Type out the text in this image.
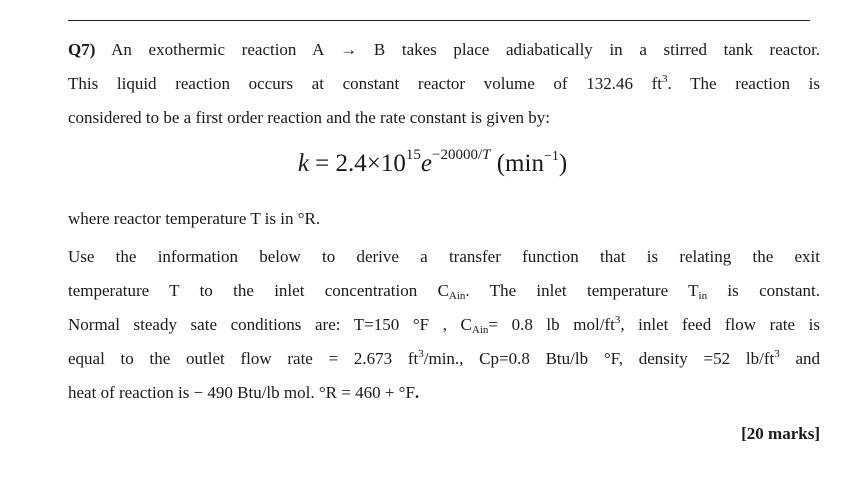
Q7) An exothermic reaction A → B takes place adiabatically in a stirred tank reactor.
This liquid reaction occurs at constant reactor volume of 132.46 $ft^3$. The reaction is
considered to be a first order reaction and the rate constant is given by:

$k = 2.4\times 10^{15}e^{-20000/T}$ $(\min^{-1})$

where reactor temperature T is in °R.

Use the information below to derive a transfer function that is relating the exit
temperature T to the inlet concentration $C_{Ain}$. The inlet temperature $T_{in}$ is constant.
Normal steady sate conditions are: T=150 °F , $C_{Ain}= 0.8$ lb mol/$ft^3$, inlet feed flow rate is
equal to the outlet flow rate = 2.673 $ft^3/\min$., Cp=0.8 Btu/lb °F, density =52 $lb/ft^3$ and
heat of reaction is − 490 Btu/lb mol. °R = 460 + °F.

[20 marks]
